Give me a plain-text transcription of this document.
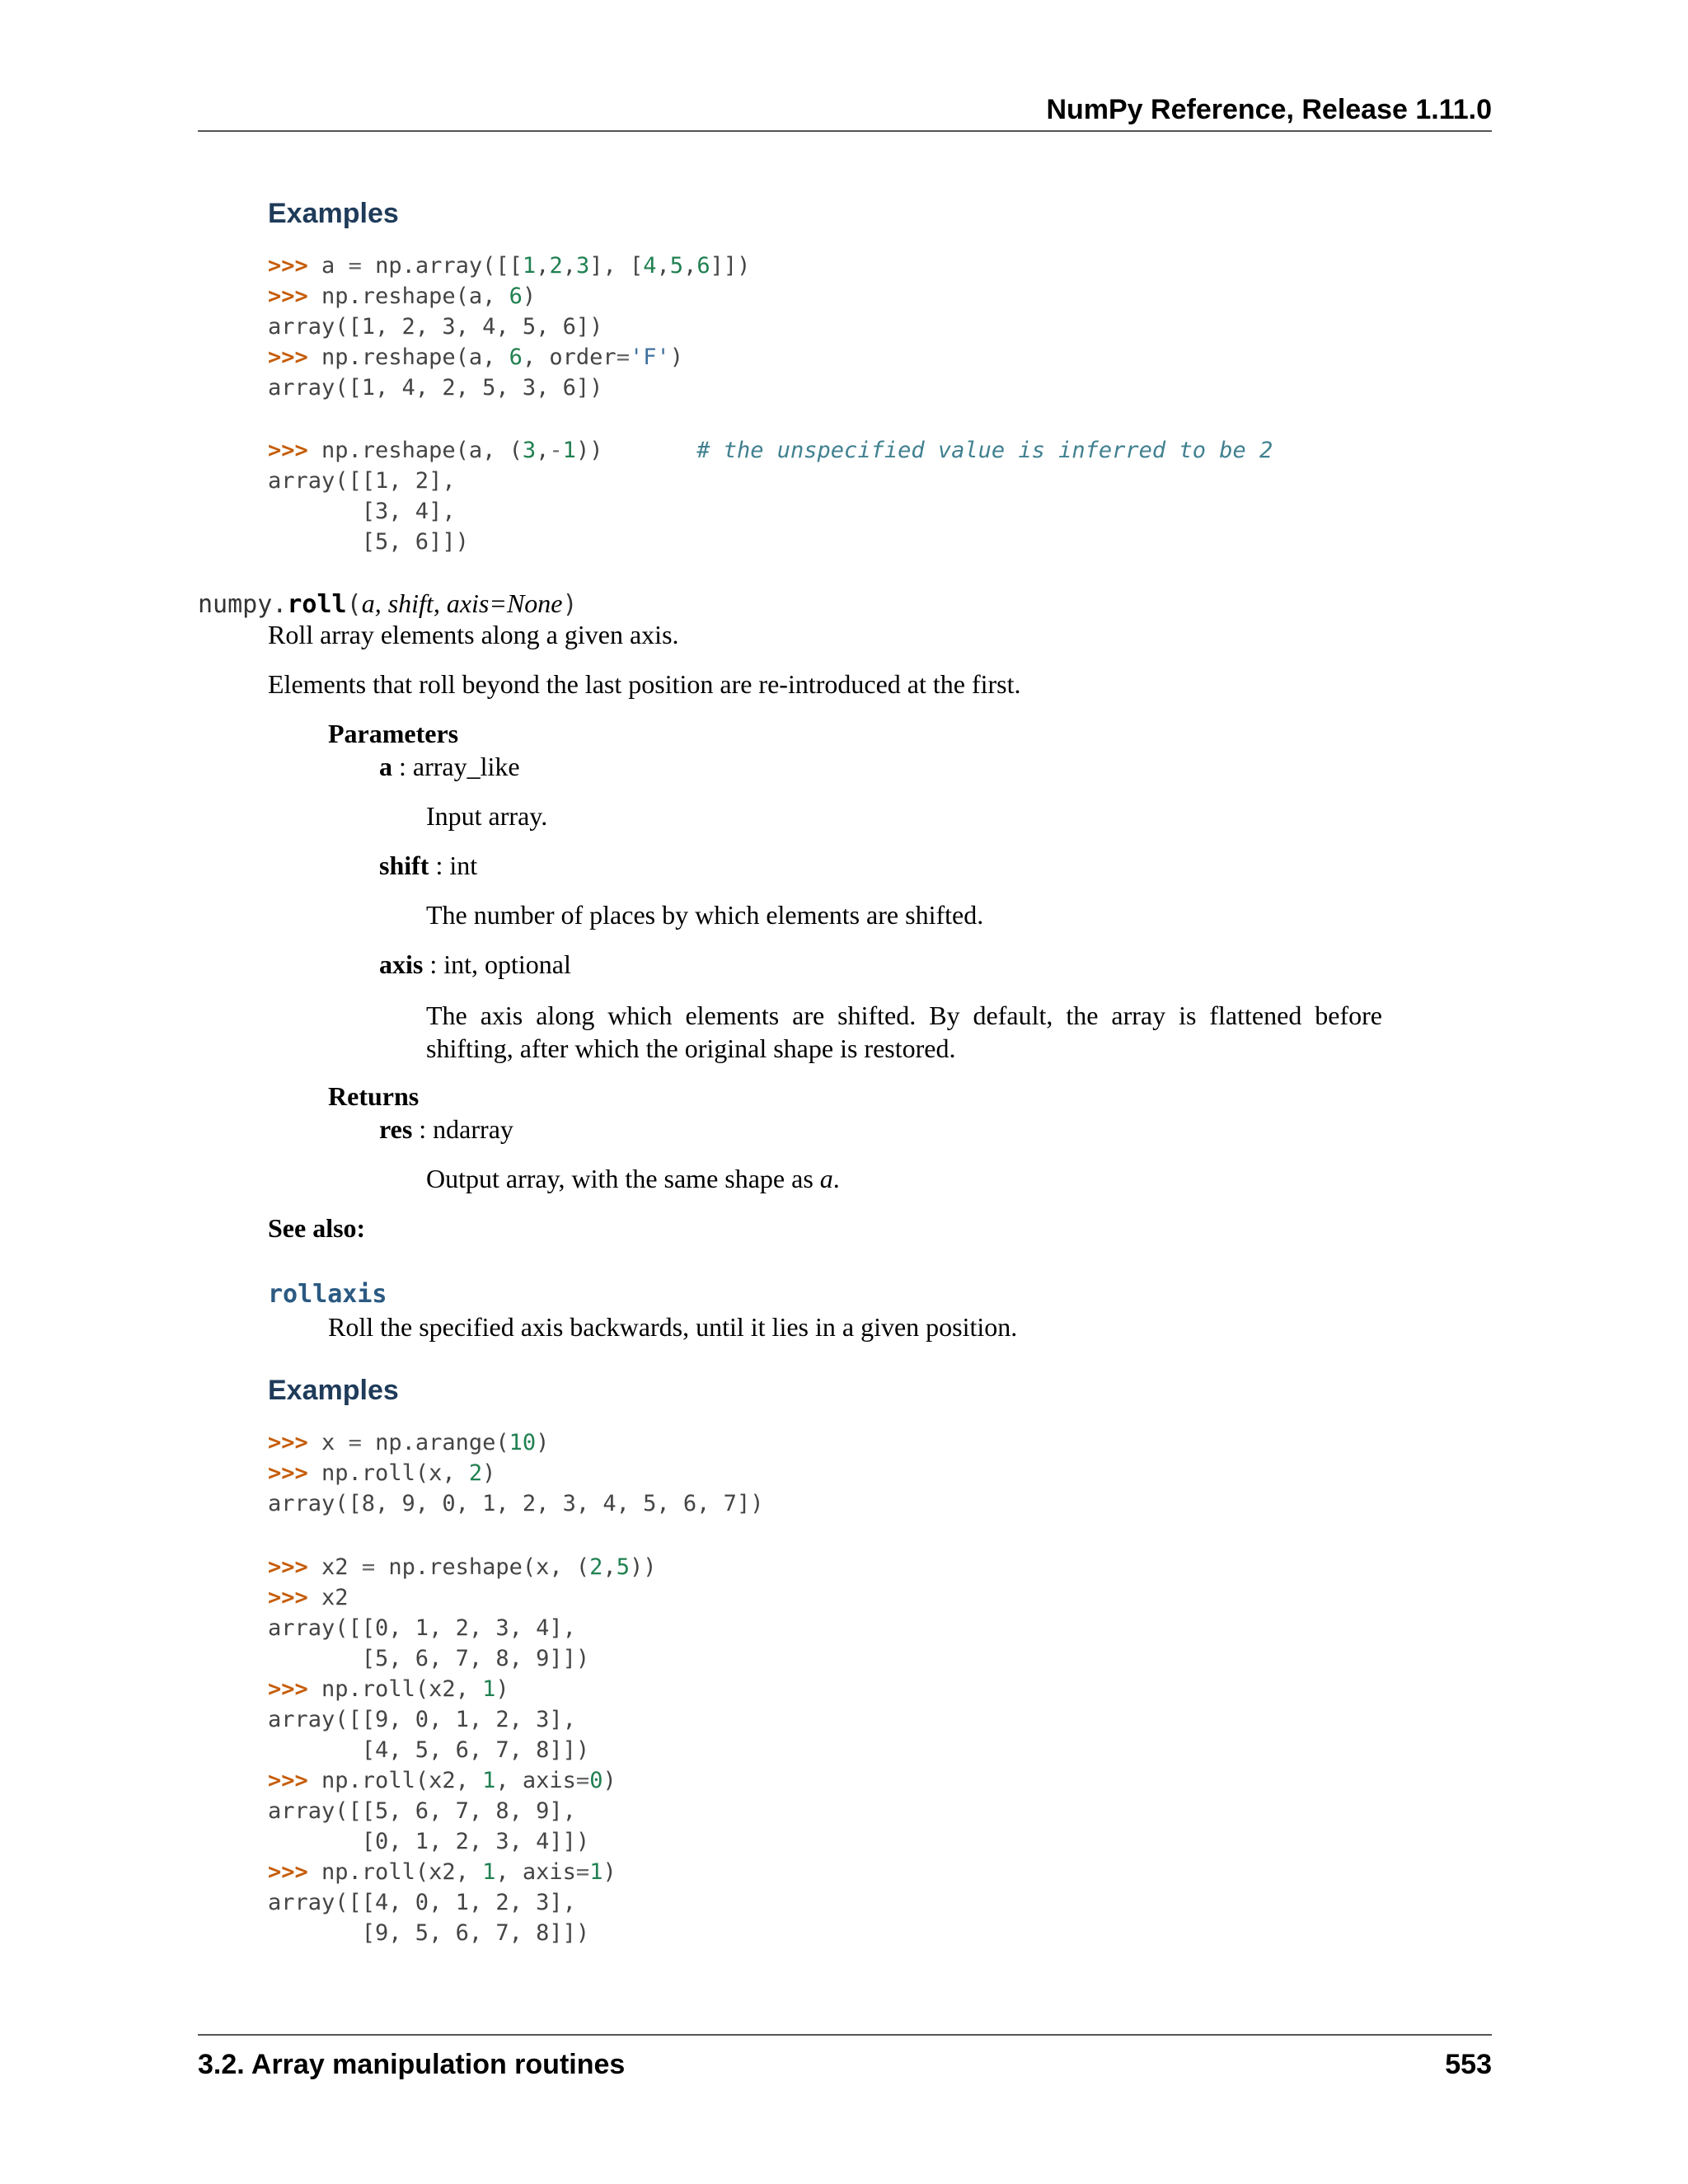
NumPy Reference, Release 1.11.0
Examples
>>> a = np.array([[1,2,3], [4,5,6]])
>>> np.reshape(a, 6)
array([1, 2, 3, 4, 5, 6])
>>> np.reshape(a, 6, order='F')
array([1, 4, 2, 5, 3, 6])
>>> np.reshape(a, (3,-1))       # the unspecified value is inferred to be 2
array([[1, 2],
[3, 4],
[5, 6]])
numpy.roll(a, shift, axis=None)
Roll array elements along a given axis.
Elements that roll beyond the last position are re-introduced at the first.
Parameters
a : array_like
Input array.
shift : int
The number of places by which elements are shifted.
axis : int, optional
The axis along which elements are shifted. By default, the array is flattened before shifting, after which the original shape is restored.
Returns
res : ndarray
Output array, with the same shape as a.
See also:
rollaxis
Roll the specified axis backwards, until it lies in a given position.
Examples
>>> x = np.arange(10)
>>> np.roll(x, 2)
array([8, 9, 0, 1, 2, 3, 4, 5, 6, 7])
>>> x2 = np.reshape(x, (2,5))
>>> x2
array([[0, 1, 2, 3, 4],
[5, 6, 7, 8, 9]])
>>> np.roll(x2, 1)
array([[9, 0, 1, 2, 3],
[4, 5, 6, 7, 8]])
>>> np.roll(x2, 1, axis=0)
array([[5, 6, 7, 8, 9],
[0, 1, 2, 3, 4]])
>>> np.roll(x2, 1, axis=1)
array([[4, 0, 1, 2, 3],
[9, 5, 6, 7, 8]])
3.2. Array manipulation routines	553
